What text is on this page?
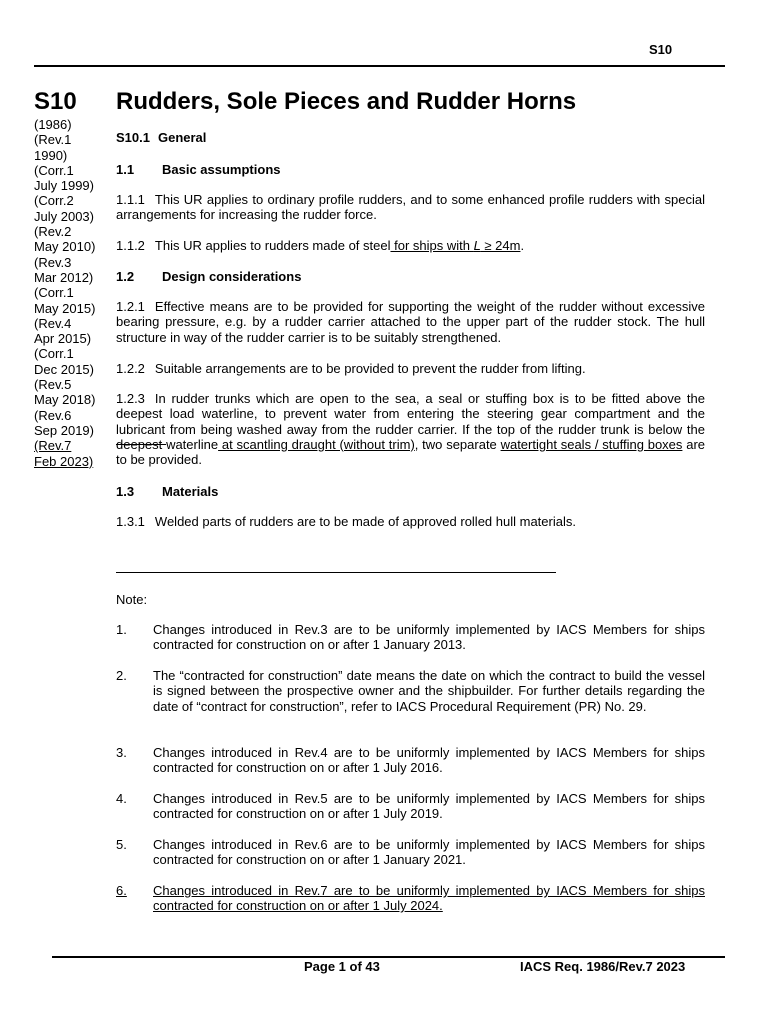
S10
S10
(1986)
(Rev.1
1990)
(Corr.1
July 1999)
(Corr.2
July 2003)
(Rev.2
May 2010)
(Rev.3
Mar 2012)
(Corr.1
May 2015)
(Rev.4
Apr 2015)
(Corr.1
Dec 2015)
(Rev.5
May 2018)
(Rev.6
Sep 2019)
(Rev.7
Feb 2023)
Rudders, Sole Pieces and Rudder Horns
S10.1 General
1.1 Basic assumptions

1.1.1 This UR applies to ordinary profile rudders, and to some enhanced profile rudders with special arrangements for increasing the rudder force.

1.1.2 This UR applies to rudders made of steel for ships with L ≥ 24m.

1.2 Design considerations

1.2.1 Effective means are to be provided for supporting the weight of the rudder without excessive bearing pressure, e.g. by a rudder carrier attached to the upper part of the rudder stock. The hull structure in way of the rudder carrier is to be suitably strengthened.

1.2.2 Suitable arrangements are to be provided to prevent the rudder from lifting.

1.2.3 In rudder trunks which are open to the sea, a seal or stuffing box is to be fitted above the deepest load waterline, to prevent water from entering the steering gear compartment and the lubricant from being washed away from the rudder carrier. If the top of the rudder trunk is below the deepest waterline at scantling draught (without trim), two separate watertight seals / stuffing boxes are to be provided.

1.3 Materials

1.3.1 Welded parts of rudders are to be made of approved rolled hull materials.

Note:
1. Changes introduced in Rev.3 are to be uniformly implemented by IACS Members for ships contracted for construction on or after 1 January 2013.
2. The “contracted for construction” date means the date on which the contract to build the vessel is signed between the prospective owner and the shipbuilder. For further details regarding the date of “contract for construction”, refer to IACS Procedural Requirement (PR) No. 29.
3. Changes introduced in Rev.4 are to be uniformly implemented by IACS Members for ships contracted for construction on or after 1 July 2016.
4. Changes introduced in Rev.5 are to be uniformly implemented by IACS Members for ships contracted for construction on or after 1 July 2019.
5. Changes introduced in Rev.6 are to be uniformly implemented by IACS Members for ships contracted for construction on or after 1 January 2021.
6. Changes introduced in Rev.7 are to be uniformly implemented by IACS Members for ships contracted for construction on or after 1 July 2024.
Page 1 of 43	IACS Req. 1986/Rev.7 2023
